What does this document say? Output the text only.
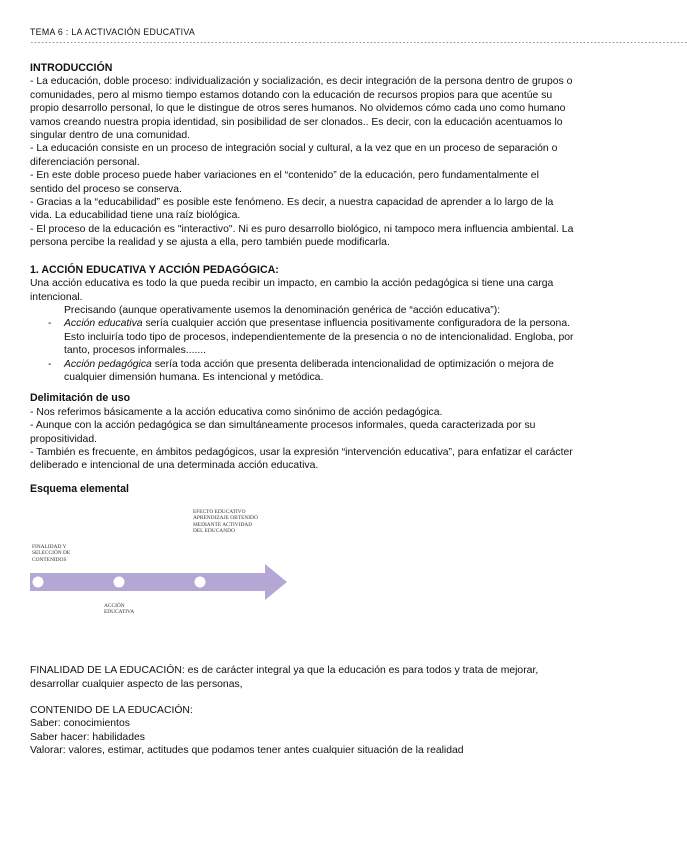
TEMA 6 : LA ACTIVACIÓN EDUCATIVA

--------------------------------------------------------------------------------------------------------------------------------------------------------------------------------------

INTRODUCCIÓN

- La educación, doble proceso: individualización y socialización, es decir integración de la persona dentro de grupos o comunidades, pero al mismo tiempo estamos dotando con la educación de recursos propios para que acentúe su propio desarrollo personal, lo que le distingue de otros seres humanos. No olvidemos cómo cada uno como humano vamos creando nuestra propia identidad, sin posibilidad de ser clonados.. Es decir, con la educación acentuamos lo singular dentro de una comunidad.

- La educación consiste en un proceso de integración social y cultural, a la vez que en un proceso de separación o diferenciación personal.

- En este doble proceso puede haber variaciones en el “contenido” de la educación, pero fundamentalmente el sentido del proceso se conserva.

- Gracias a la “educabilidad” es posible este fenómeno. Es decir, a nuestra capacidad de aprender a lo largo de la vida. La educabilidad tiene una raíz biológica.

- El proceso de la educación es "interactivo". Ni es puro desarrollo biológico, ni tampoco mera influencia ambiental. La persona percibe la realidad y se ajusta a ella, pero también puede modificarla.

1. ACCIÓN EDUCATIVA Y ACCIÓN PEDAGÓGICA:

Una acción educativa es todo la que pueda recibir un impacto, en cambio la acción pedagógica si tiene una carga intencional.

Precisando (aunque operativamente usemos la denominación genérica de “acción educativa”):

-	Acción educativa sería cualquier acción que presentase influencia positivamente configuradora de la persona. Esto incluiría todo tipo de procesos, independientemente de la presencia o no de intencionalidad. Engloba, por tanto, procesos informales.......
-	Acción pedagógica sería toda acción que presenta deliberada intencionalidad de optimización o mejora de cualquier dimensión humana. Es intencional y metódica.

Delimitación de uso

- Nos referimos básicamente a la acción educativa como sinónimo de acción pedagógica.

- Aunque con la acción pedagógica se dan simultáneamente procesos informales, queda caracterizada por su propositividad.

- También es frecuente, en ámbitos pedagógicos, usar la expresión “intervención educativa”, para enfatizar el carácter deliberado e intencional de una determinada acción educativa.

Esquema elemental

FINALIDAD Y SELECCIÓN DE CONTENIDOS
EFECTO EDUCATIVO APRENDIZAJE OBTENIDO MEDIANTE ACTIVIDAD DEL EDUCANDO
ACCIÓN EDUCATIVA

FINALIDAD DE LA EDUCACIÓN: es de carácter integral ya que la educación es para todos y trata de mejorar, desarrollar cualquier aspecto de las personas,

CONTENIDO DE LA EDUCACIÓN:

Saber: conocimientos

Saber hacer: habilidades

Valorar: valores, estimar, actitudes que podamos tener antes cualquier situación de la realidad
